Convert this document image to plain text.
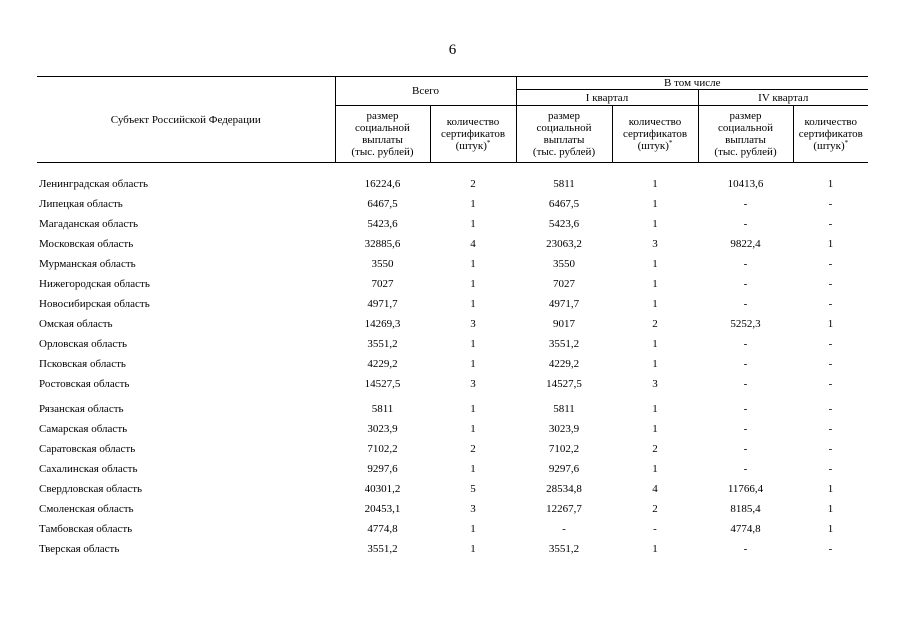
6
Субъект Российской Федерации	Всего		В том числе			
			I квартал		IV квартал	
	размер
социальной
выплаты
(тыс. рублей)	количество
сертификатов
(штук)*	размер
социальной
выплаты
(тыс. рублей)	количество
сертификатов
(штук)*	размер
социальной
выплаты
(тыс. рублей)	количество
сертификатов
(штук)*

Ленинградская область	16224,6	2	5811	1	10413,6	1
Липецкая область	6467,5	1	6467,5	1	-	-
Магаданская область	5423,6	1	5423,6	1	-	-
Московская область	32885,6	4	23063,2	3	9822,4	1
Мурманская область	3550	1	3550	1	-	-
Нижегородская область	7027	1	7027	1	-	-
Новосибирская область	4971,7	1	4971,7	1	-	-
Омская область	14269,3	3	9017	2	5252,3	1
Орловская область	3551,2	1	3551,2	1	-	-
Псковская область	4229,2	1	4229,2	1	-	-
Ростовская область	14527,5	3	14527,5	3	-	-

Рязанская область	5811	1	5811	1	-	-
Самарская область	3023,9	1	3023,9	1	-	-
Саратовская область	7102,2	2	7102,2	2	-	-
Сахалинская область	9297,6	1	9297,6	1	-	-
Свердловская область	40301,2	5	28534,8	4	11766,4	1
Смоленская область	20453,1	3	12267,7	2	8185,4	1
Тамбовская область	4774,8	1	-	-	4774,8	1
Тверская область	3551,2	1	3551,2	1	-	-
